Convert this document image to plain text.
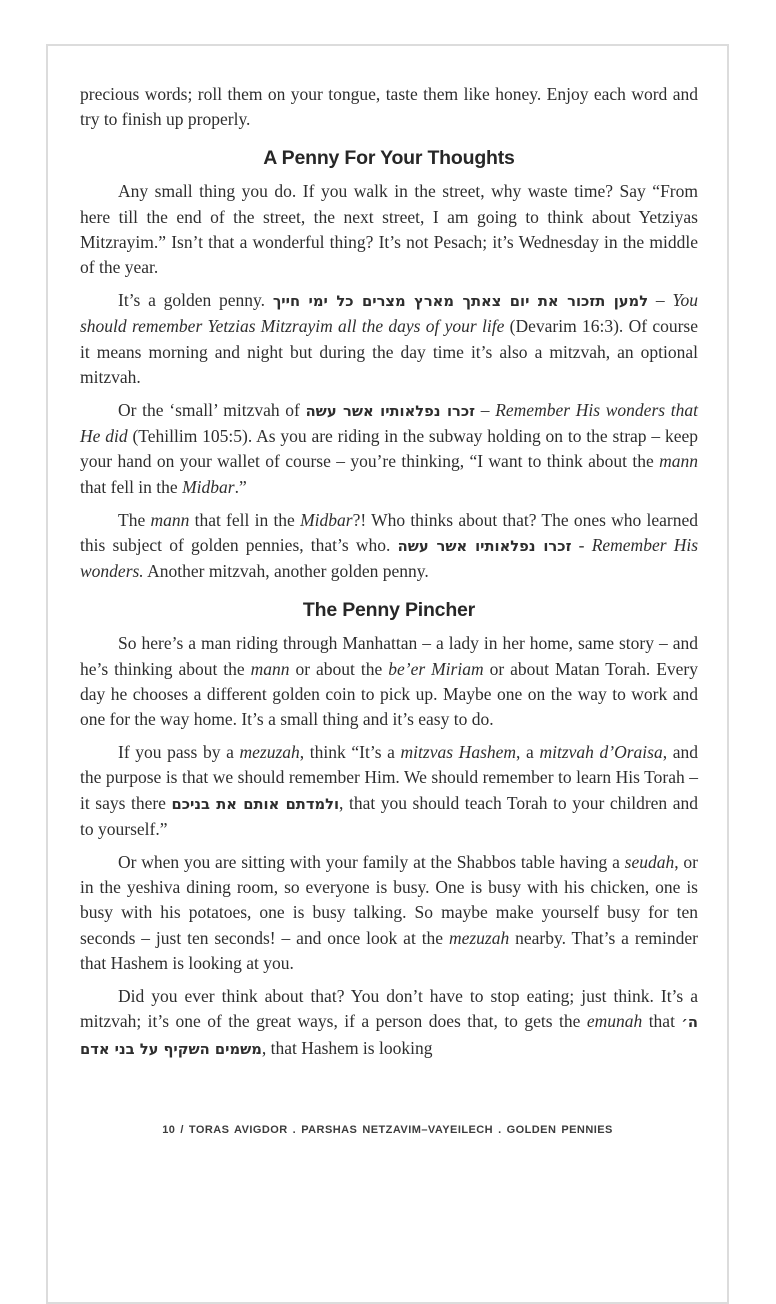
precious words; roll them on your tongue, taste them like honey. Enjoy each word and try to finish up properly.

A Penny For Your Thoughts

Any small thing you do. If you walk in the street, why waste time? Say “From here till the end of the street, the next street, I am going to think about Yetziyas Mitzrayim.” Isn’t that a wonderful thing? It’s not Pesach; it’s Wednesday in the middle of the year.

It’s a golden penny. למען תזכור את יום צאתך מארץ מצרים כל ימי חייך – You should remember Yetzias Mitzrayim all the days of your life (Devarim 16:3). Of course it means morning and night but during the day time it’s also a mitzvah, an optional mitzvah.

Or the ‘small’ mitzvah of זכרו נפלאותיו אשר עשה – Remember His wonders that He did (Tehillim 105:5). As you are riding in the subway holding on to the strap – keep your hand on your wallet of course – you’re thinking, “I want to think about the mann that fell in the Midbar.”

The mann that fell in the Midbar?! Who thinks about that? The ones who learned this subject of golden pennies, that’s who. זכרו נפלאותיו אשר עשה - Remember His wonders. Another mitzvah, another golden penny.

The Penny Pincher

So here’s a man riding through Manhattan – a lady in her home, same story – and he’s thinking about the mann or about the be’er Miriam or about Matan Torah. Every day he chooses a different golden coin to pick up. Maybe one on the way to work and one for the way home. It’s a small thing and it’s easy to do.

If you pass by a mezuzah, think “It’s a mitzvas Hashem, a mitzvah d’Oraisa, and the purpose is that we should remember Him. We should remember to learn His Torah – it says there ולמדתם אותם את בניכם, that you should teach Torah to your children and to yourself.”

Or when you are sitting with your family at the Shabbos table having a seudah, or in the yeshiva dining room, so everyone is busy. One is busy with his chicken, one is busy with his potatoes, one is busy talking. So maybe make yourself busy for ten seconds – just ten seconds! – and once look at the mezuzah nearby. That’s a reminder that Hashem is looking at you.

Did you ever think about that? You don’t have to stop eating; just think. It’s a mitzvah; it’s one of the great ways, if a person does that, to gets the emunah that ה׳ משמים השקיף על בני אדם, that Hashem is looking

10 / TORAS AVIGDOR . PARSHAS NETZAVIM–VAYEILECH . GOLDEN PENNIES
